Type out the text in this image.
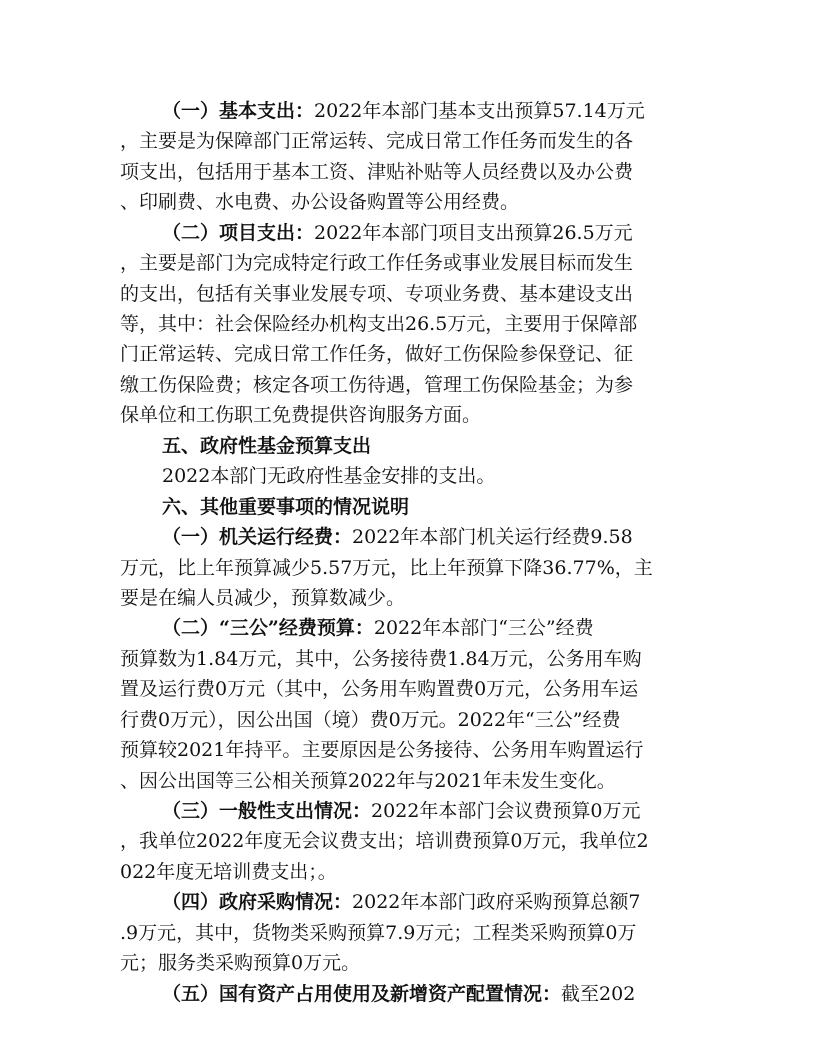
（一）基本支出：2022年本部门基本支出预算57.14万元
，主要是为保障部门正常运转、完成日常工作任务而发生的各
项支出，包括用于基本工资、津贴补贴等人员经费以及办公费
、印刷费、水电费、办公设备购置等公用经费。
（二）项目支出：2022年本部门项目支出预算26.5万元
，主要是部门为完成特定行政工作任务或事业发展目标而发生
的支出，包括有关事业发展专项、专项业务费、基本建设支出
等，其中：社会保险经办机构支出26.5万元，主要用于保障部
门正常运转、完成日常工作任务，做好工伤保险参保登记、征
缴工伤保险费；核定各项工伤待遇，管理工伤保险基金；为参
保单位和工伤职工免费提供咨询服务方面。
五、政府性基金预算支出
2022本部门无政府性基金安排的支出。
六、其他重要事项的情况说明
（一）机关运行经费：2022年本部门机关运行经费9.58
万元，比上年预算减少5.57万元，比上年预算下降36.77%，主
要是在编人员减少，预算数减少。
（二）“三公”经费预算：2022年本部门“三公”经费
预算数为1.84万元，其中，公务接待费1.84万元，公务用车购
置及运行费0万元（其中，公务用车购置费0万元，公务用车运
行费0万元），因公出国（境）费0万元。2022年“三公”经费
预算较2021年持平。主要原因是公务接待、公务用车购置运行
、因公出国等三公相关预算2022年与2021年未发生变化。
（三）一般性支出情况：2022年本部门会议费预算0万元
，我单位2022年度无会议费支出；培训费预算0万元，我单位2
022年度无培训费支出；。
（四）政府采购情况：2022年本部门政府采购预算总额7
.9万元，其中，货物类采购预算7.9万元；工程类采购预算0万
元；服务类采购预算0万元。
（五）国有资产占用使用及新增资产配置情况：截至202
